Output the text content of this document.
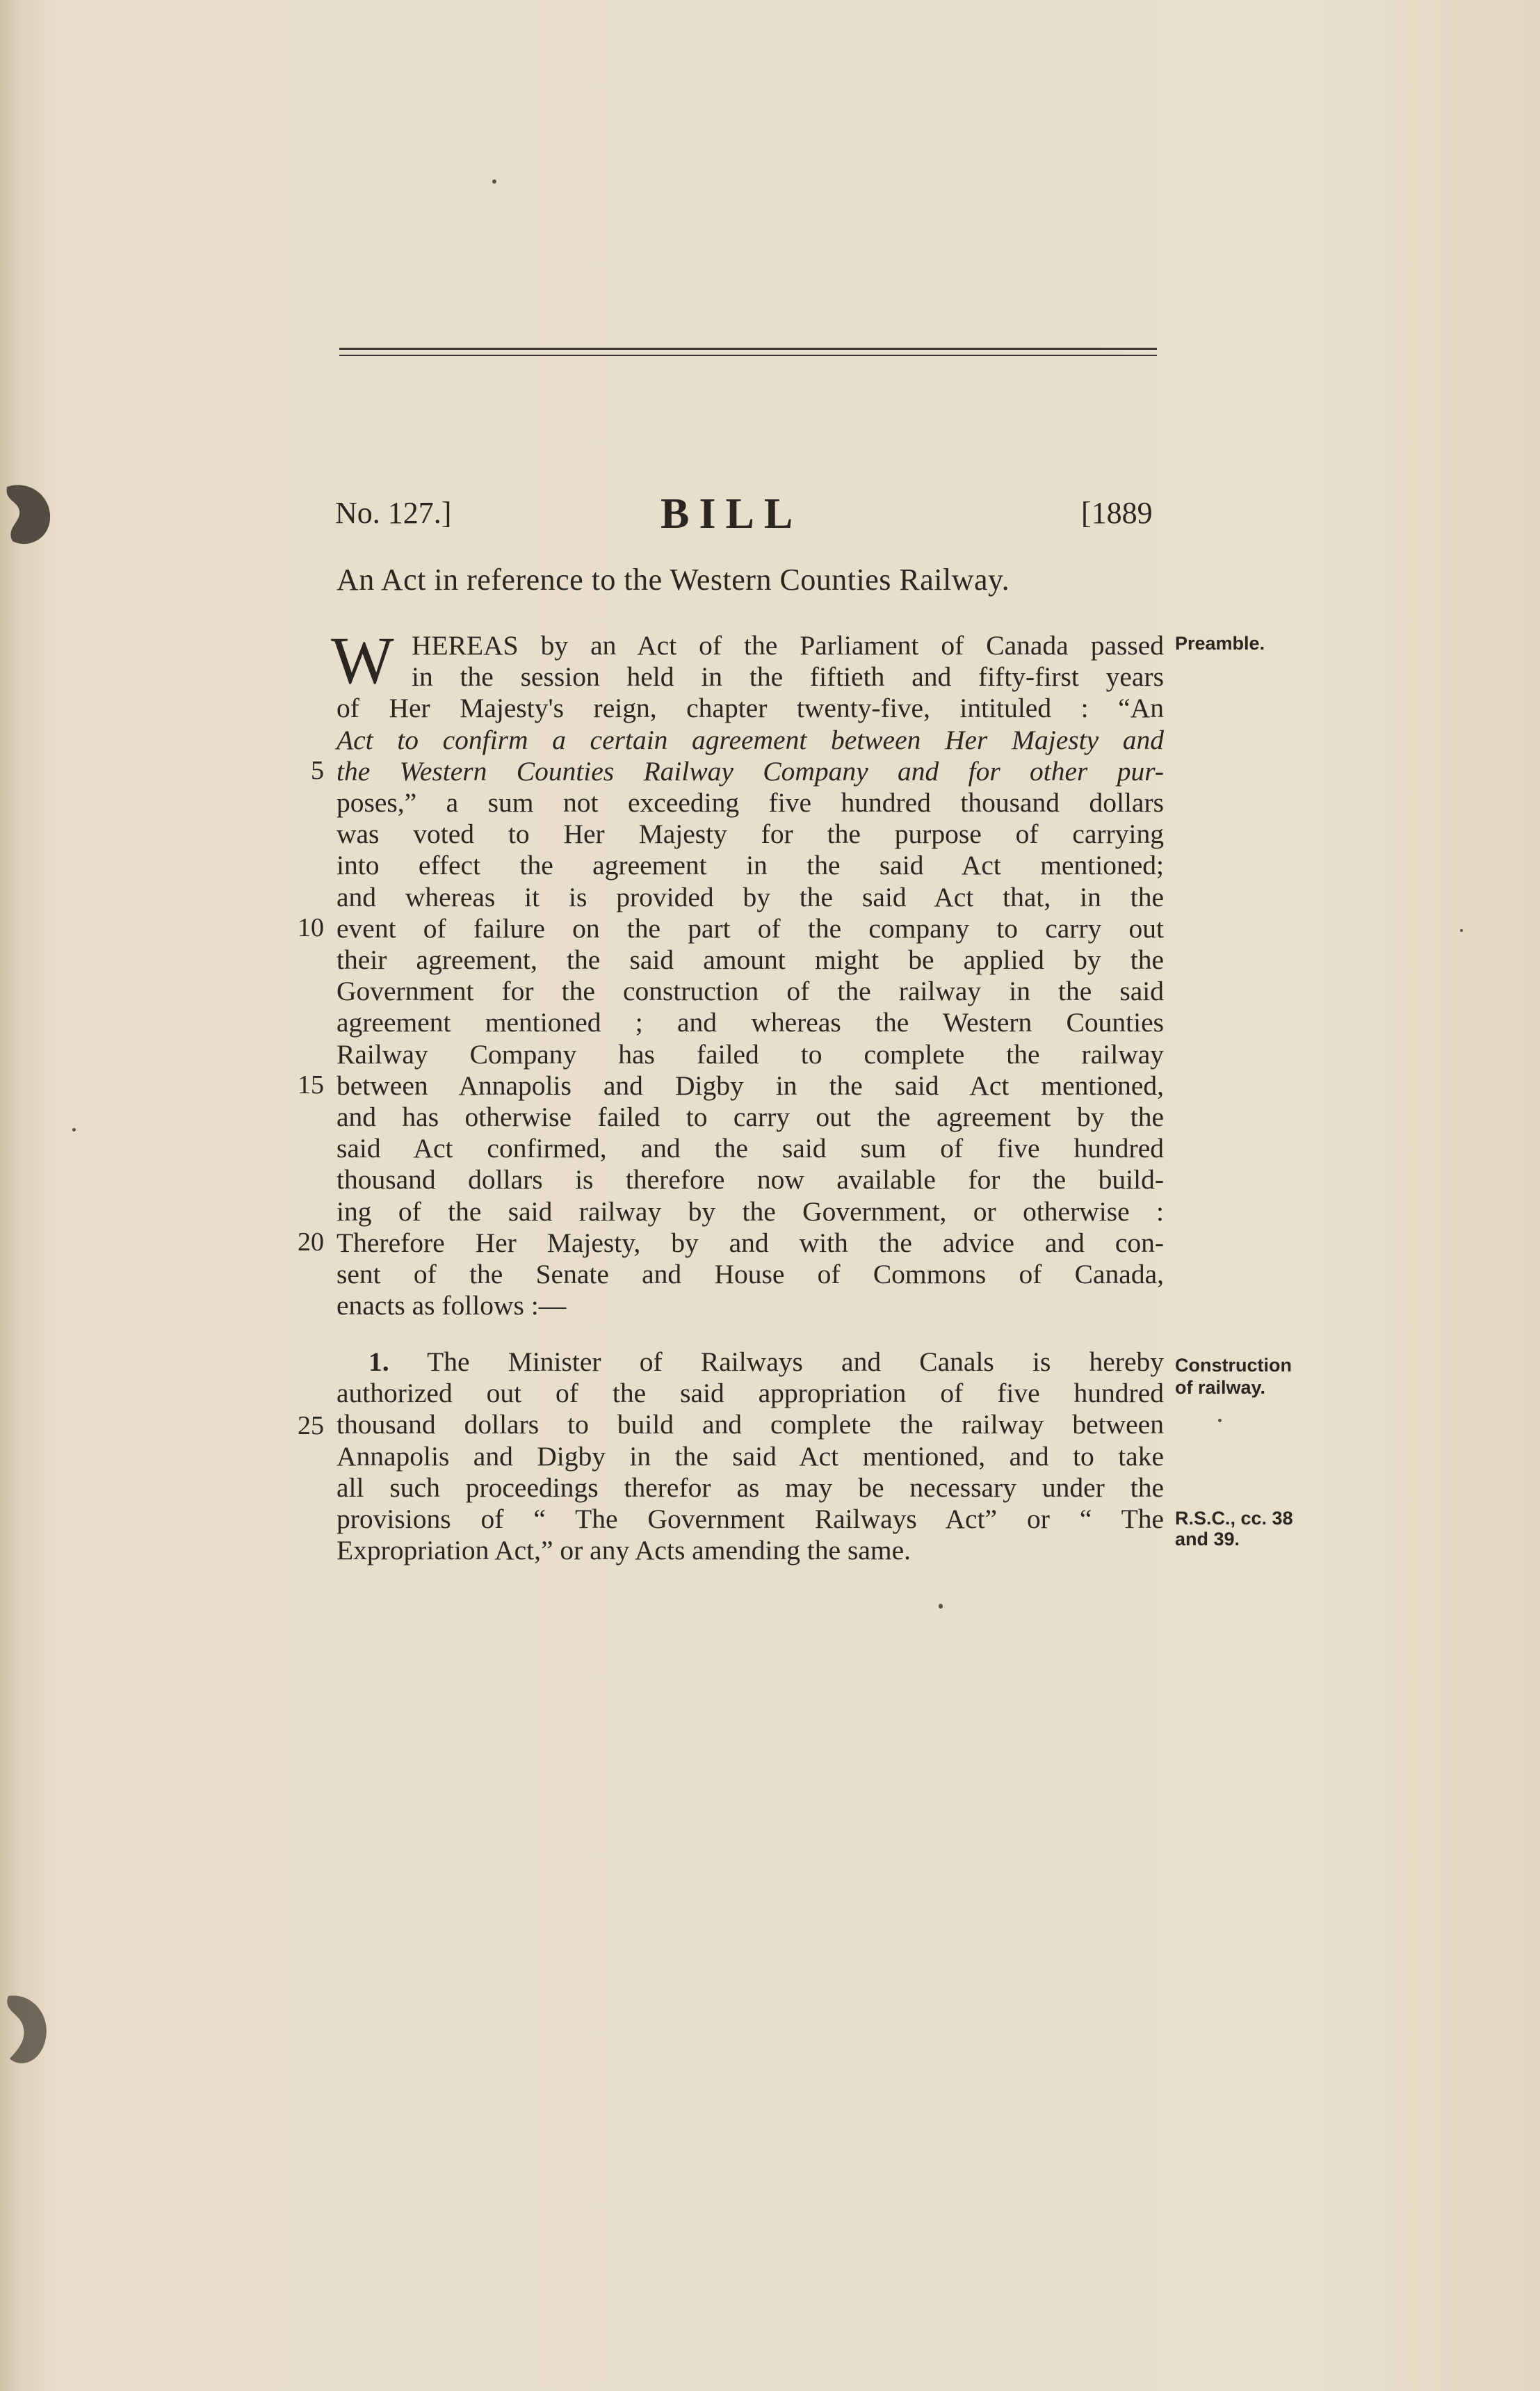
No. 127.]	BILL	[1889
An Act in reference to the Western Counties Railway.
W HEREAS by an Act of the Parliament of Canada passed
in the session held in the fiftieth and fifty-first years
of Her Majesty's reign, chapter twenty-five, intituled : “An
Act to confirm a certain agreement between Her Majesty and
the Western Counties Railway Company and for other pur-
poses,” a sum not exceeding five hundred thousand dollars
was voted to Her Majesty for the purpose of carrying
into effect the agreement in the said Act mentioned;
and whereas it is provided by the said Act that, in the
event of failure on the part of the company to carry out
their agreement, the said amount might be applied by the
Government for the construction of the railway in the said
agreement mentioned ; and whereas the Western Counties
Railway Company has failed to complete the railway
between Annapolis and Digby in the said Act mentioned,
and has otherwise failed to carry out the agreement by the
said Act confirmed, and the said sum of five hundred
thousand dollars is therefore now available for the build-
ing of the said railway by the Government, or otherwise :
Therefore Her Majesty, by and with the advice and con-
sent of the Senate and House of Commons of Canada,
enacts as follows :—
1. The Minister of Railways and Canals is hereby
authorized out of the said appropriation of five hundred
thousand dollars to build and complete the railway between
Annapolis and Digby in the said Act mentioned, and to take
all such proceedings therefor as may be necessary under the
provisions of “ The Government Railways Act” or “ The
Expropriation Act,” or any Acts amending the same.
5
10
15
20
25
Preamble.
Construction
of railway.
R.S.C., cc. 38
and 39.
